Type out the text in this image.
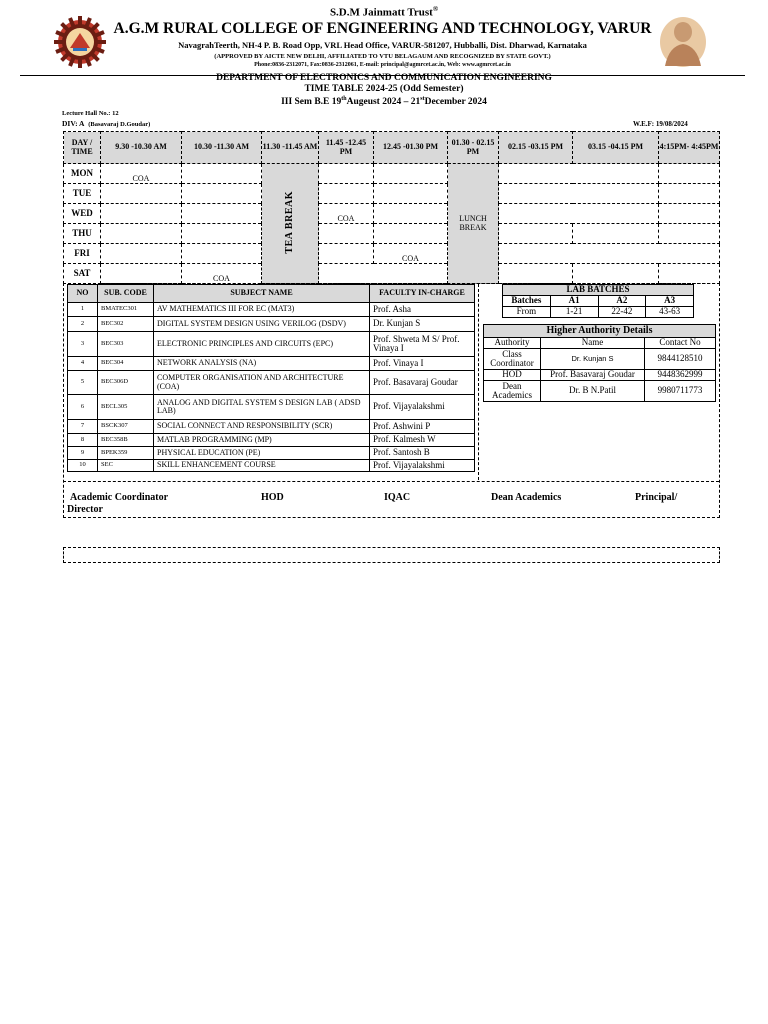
S.D.M Jainmatt Trust®
A.G.M RURAL COLLEGE OF ENGINEERING AND TECHNOLOGY, VARUR
NavagrahTeerth, NH-4 P. B. Road Opp, VRL Head Office, VARUR-581207, Hubballi, Dist. Dharwad, Karnataka
(APPROVED BY AICTE NEW DELHI, AFFILIATED TO VTU BELAGAUM AND RECOGNIZED BY STATE GOVT.)
Phone:0836-2312071, Fax:0836-2312061, E-mail: principal@agmrcet.ac.in, Web: www.agmrcet.ac.in
DEPARTMENT OF ELECTRONICS AND COMMUNICATION ENGINEERING
TIME TABLE 2024-25 (Odd Semester)
III Sem B.E 19thAugeust 2024 – 21stDecember 2024
Lecture Hall No.: 12
DIV: A (Basavaraj D.Goudar)	W.E.F: 19/08/2024
DAY / TIME	9.30 -10.30 AM	10.30 -11.30 AM	11.30 -11.45 AM	11.45 -12.45 PM	12.45 -01.30 PM	01.30 - 02.15 PM	02.15 -03.15 PM	03.15 -04.15 PM	4:15PM- 4:45PM
MON	COA		TEA BREAK			LUNCH BREAK			
TUE									
WED				COA					
THU									
FRI					COA				
SAT		COA							
NO	SUB. CODE	SUBJECT NAME	FACULTY IN-CHARGE
1	BMATEC301	AV MATHEMATICS III FOR EC (MAT3)	Prof. Asha
2	BEC302	DIGITAL SYSTEM DESIGN USING VERILOG (DSDV)	Dr. Kunjan S
3	BEC303	ELECTRONIC PRINCIPLES AND CIRCUITS (EPC)	Prof. Shweta M S/ Prof. Vinaya I
4	BEC304	NETWORK ANALYSIS (NA)	Prof. Vinaya I
5	BEC306D	COMPUTER ORGANISATION AND ARCHITECTURE (COA)	Prof. Basavaraj Goudar
6	BECL305	ANALOG AND DIGITAL SYSTEM S DESIGN LAB ( ADSD LAB)	Prof. Vijayalakshmi
7	BSCK307	SOCIAL CONNECT AND RESPONSIBILITY (SCR)	Prof. Ashwini P
8	BEC358B	MATLAB PROGRAMMING (MP)	Prof. Kalmesh W
9	BPEK359	PHYSICAL EDUCATION (PE)	Prof. Santosh B
10	SEC	SKILL ENHANCEMENT COURSE	Prof. Vijayalakshmi
LAB BATCHES			
Batches	A1	A2	A3
From	1-21	22-42	43-63
Higher Authority Details		
Authority	Name	Contact No
Class Coordinator	Dr. Kunjan S	9844128510
HOD	Prof. Basavaraj Goudar	9448362999
Dean Academics	Dr. B N.Patil	9980711773
Academic Coordinator	HOD	IQAC	Dean Academics	Principal/
Director
